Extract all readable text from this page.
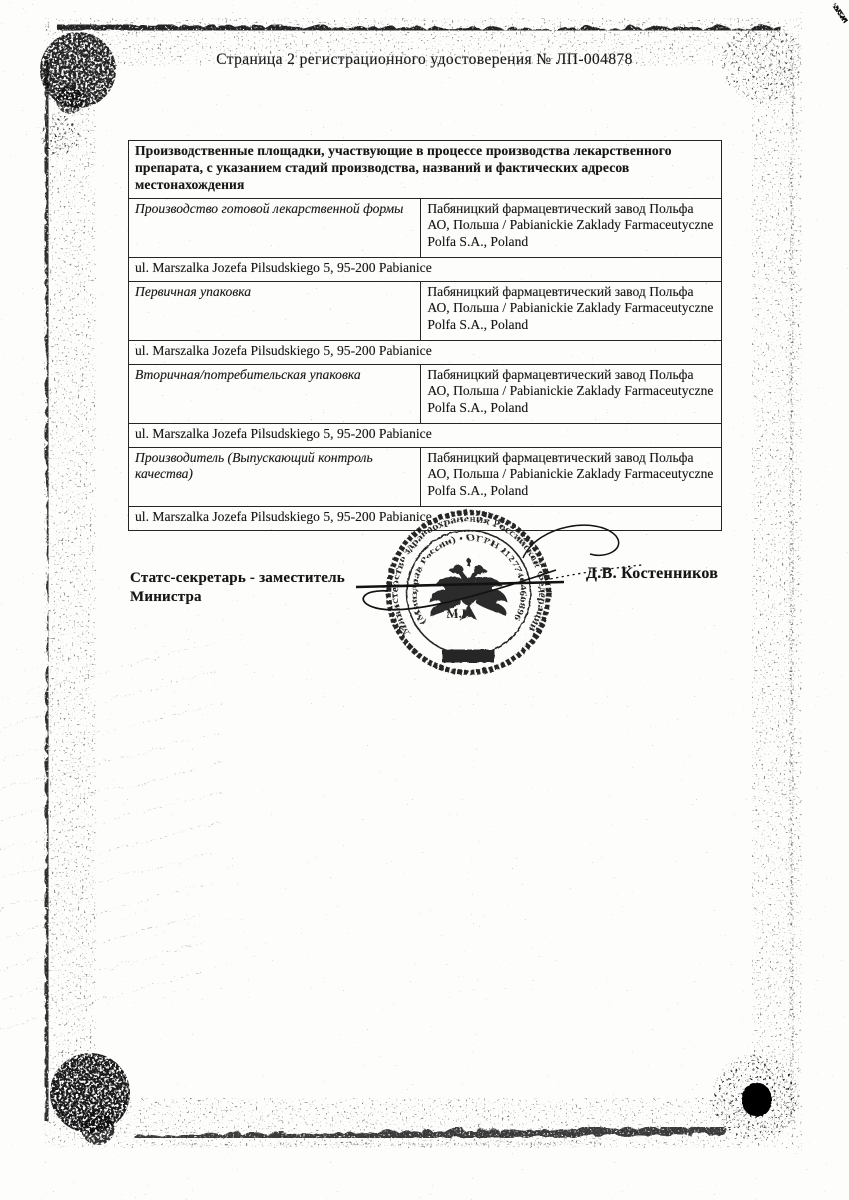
Страница 2 регистрационного удостоверения № ЛП-004878
Производственные площадки, участвующие в процессе производства лекарственного препарата, с указанием стадий производства, названий и фактических адресов местонахождения	
Производство готовой лекарственной формы	Пабяницкий фармацевтический завод Польфа АО, Польша / Pabianickie Zaklady Farmaceutyczne Polfa S.A., Poland
ul. Marszalka Jozefa Pilsudskiego 5, 95-200 Pabianice	
Первичная упаковка	Пабяницкий фармацевтический завод Польфа АО, Польша / Pabianickie Zaklady Farmaceutyczne Polfa S.A., Poland
ul. Marszalka Jozefa Pilsudskiego 5, 95-200 Pabianice	
Вторичная/потребительская упаковка	Пабяницкий фармацевтический завод Польфа АО, Польша / Pabianickie Zaklady Farmaceutyczne Polfa S.A., Poland
ul. Marszalka Jozefa Pilsudskiego 5, 95-200 Pabianice	
Производитель (Выпускающий контроль качества)	Пабяницкий фармацевтический завод Польфа АО, Польша / Pabianickie Zaklady Farmaceutyczne Polfa S.A., Poland
ul. Marszalka Jozefa Pilsudskiego 5, 95-200 Pabianice	
Статс-секретарь - заместитель
Министра
Д.В. Костенников
Министерство здравоохранения Российской Федерации
(Минздрав России) • ОГРН 1127746460896
М.П.
